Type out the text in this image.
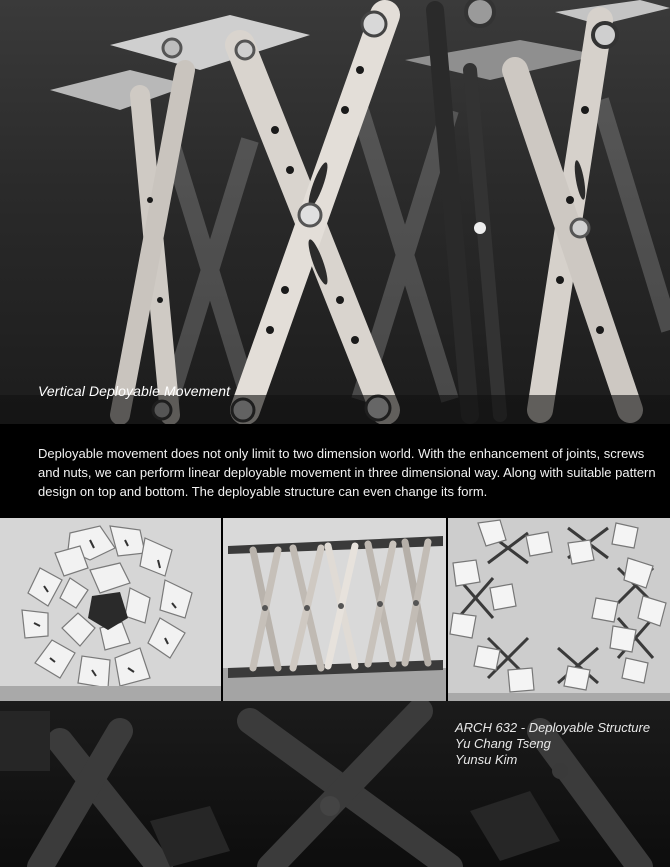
Vertical Deployable Movement

Deployable movement does not only limit to two dimension world. With the enhancement of joints, screws and nuts, we can perform linear deployable movement in three dimensional way. Along with suitable pattern design on top and bottom. The deployable structure can even change its form.

ARCH 632 - Deployable Structure
Yu Chang Tseng
Yunsu Kim
